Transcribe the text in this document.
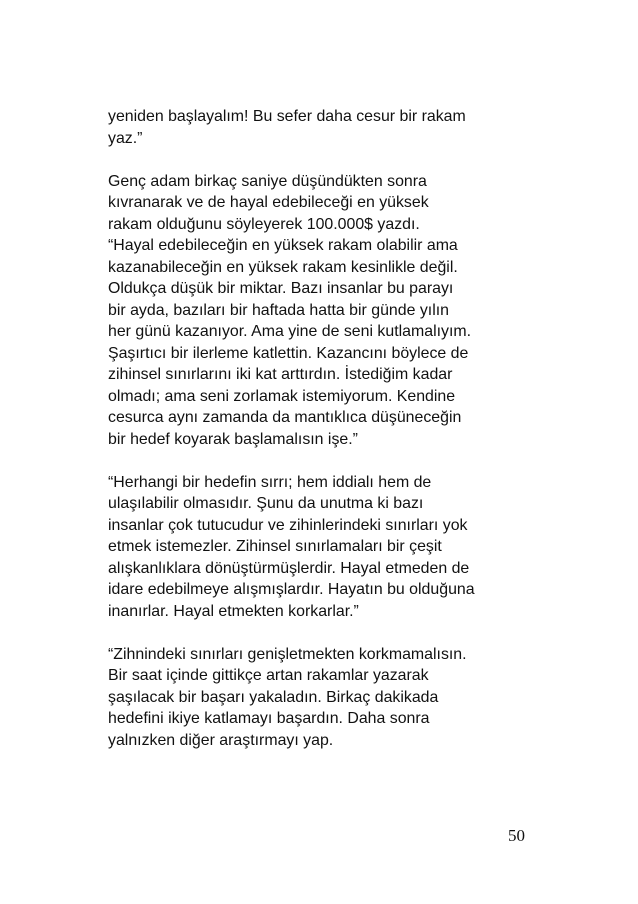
yeniden başlayalım! Bu sefer daha cesur bir rakam
yaz.”

Genç adam birkaç saniye düşündükten sonra
kıvranarak ve de hayal edebileceği en yüksek
rakam olduğunu söyleyerek 100.000$ yazdı.
“Hayal edebileceğin en yüksek rakam olabilir ama
kazanabileceğin en yüksek rakam kesinlikle değil.
Oldukça düşük bir miktar. Bazı insanlar bu parayı
bir ayda, bazıları bir haftada hatta bir günde yılın
her günü kazanıyor. Ama yine de seni kutlamalıyım.
Şaşırtıcı bir ilerleme katlettin. Kazancını böylece de
zihinsel sınırlarını iki kat arttırdın. İstediğim kadar
olmadı; ama seni zorlamak istemiyorum. Kendine
cesurca aynı zamanda da mantıklıca düşüneceğin
bir hedef koyarak başlamalısın işe.”

“Herhangi bir hedefin sırrı; hem iddialı hem de
ulaşılabilir olmasıdır. Şunu da unutma ki bazı
insanlar çok tutucudur ve zihinlerindeki sınırları yok
etmek istemezler. Zihinsel sınırlamaları bir çeşit
alışkanlıklara dönüştürmüşlerdir. Hayal etmeden de
idare edebilmeye alışmışlardır. Hayatın bu olduğuna
inanırlar. Hayal etmekten korkarlar.”

“Zihnindeki sınırları genişletmekten korkmamalısın.
Bir saat içinde gittikçe artan rakamlar yazarak
şaşılacak bir başarı yakaladın. Birkaç dakikada
hedefini ikiye katlamayı başardın. Daha sonra
yalnızken diğer araştırmayı yap.

50
